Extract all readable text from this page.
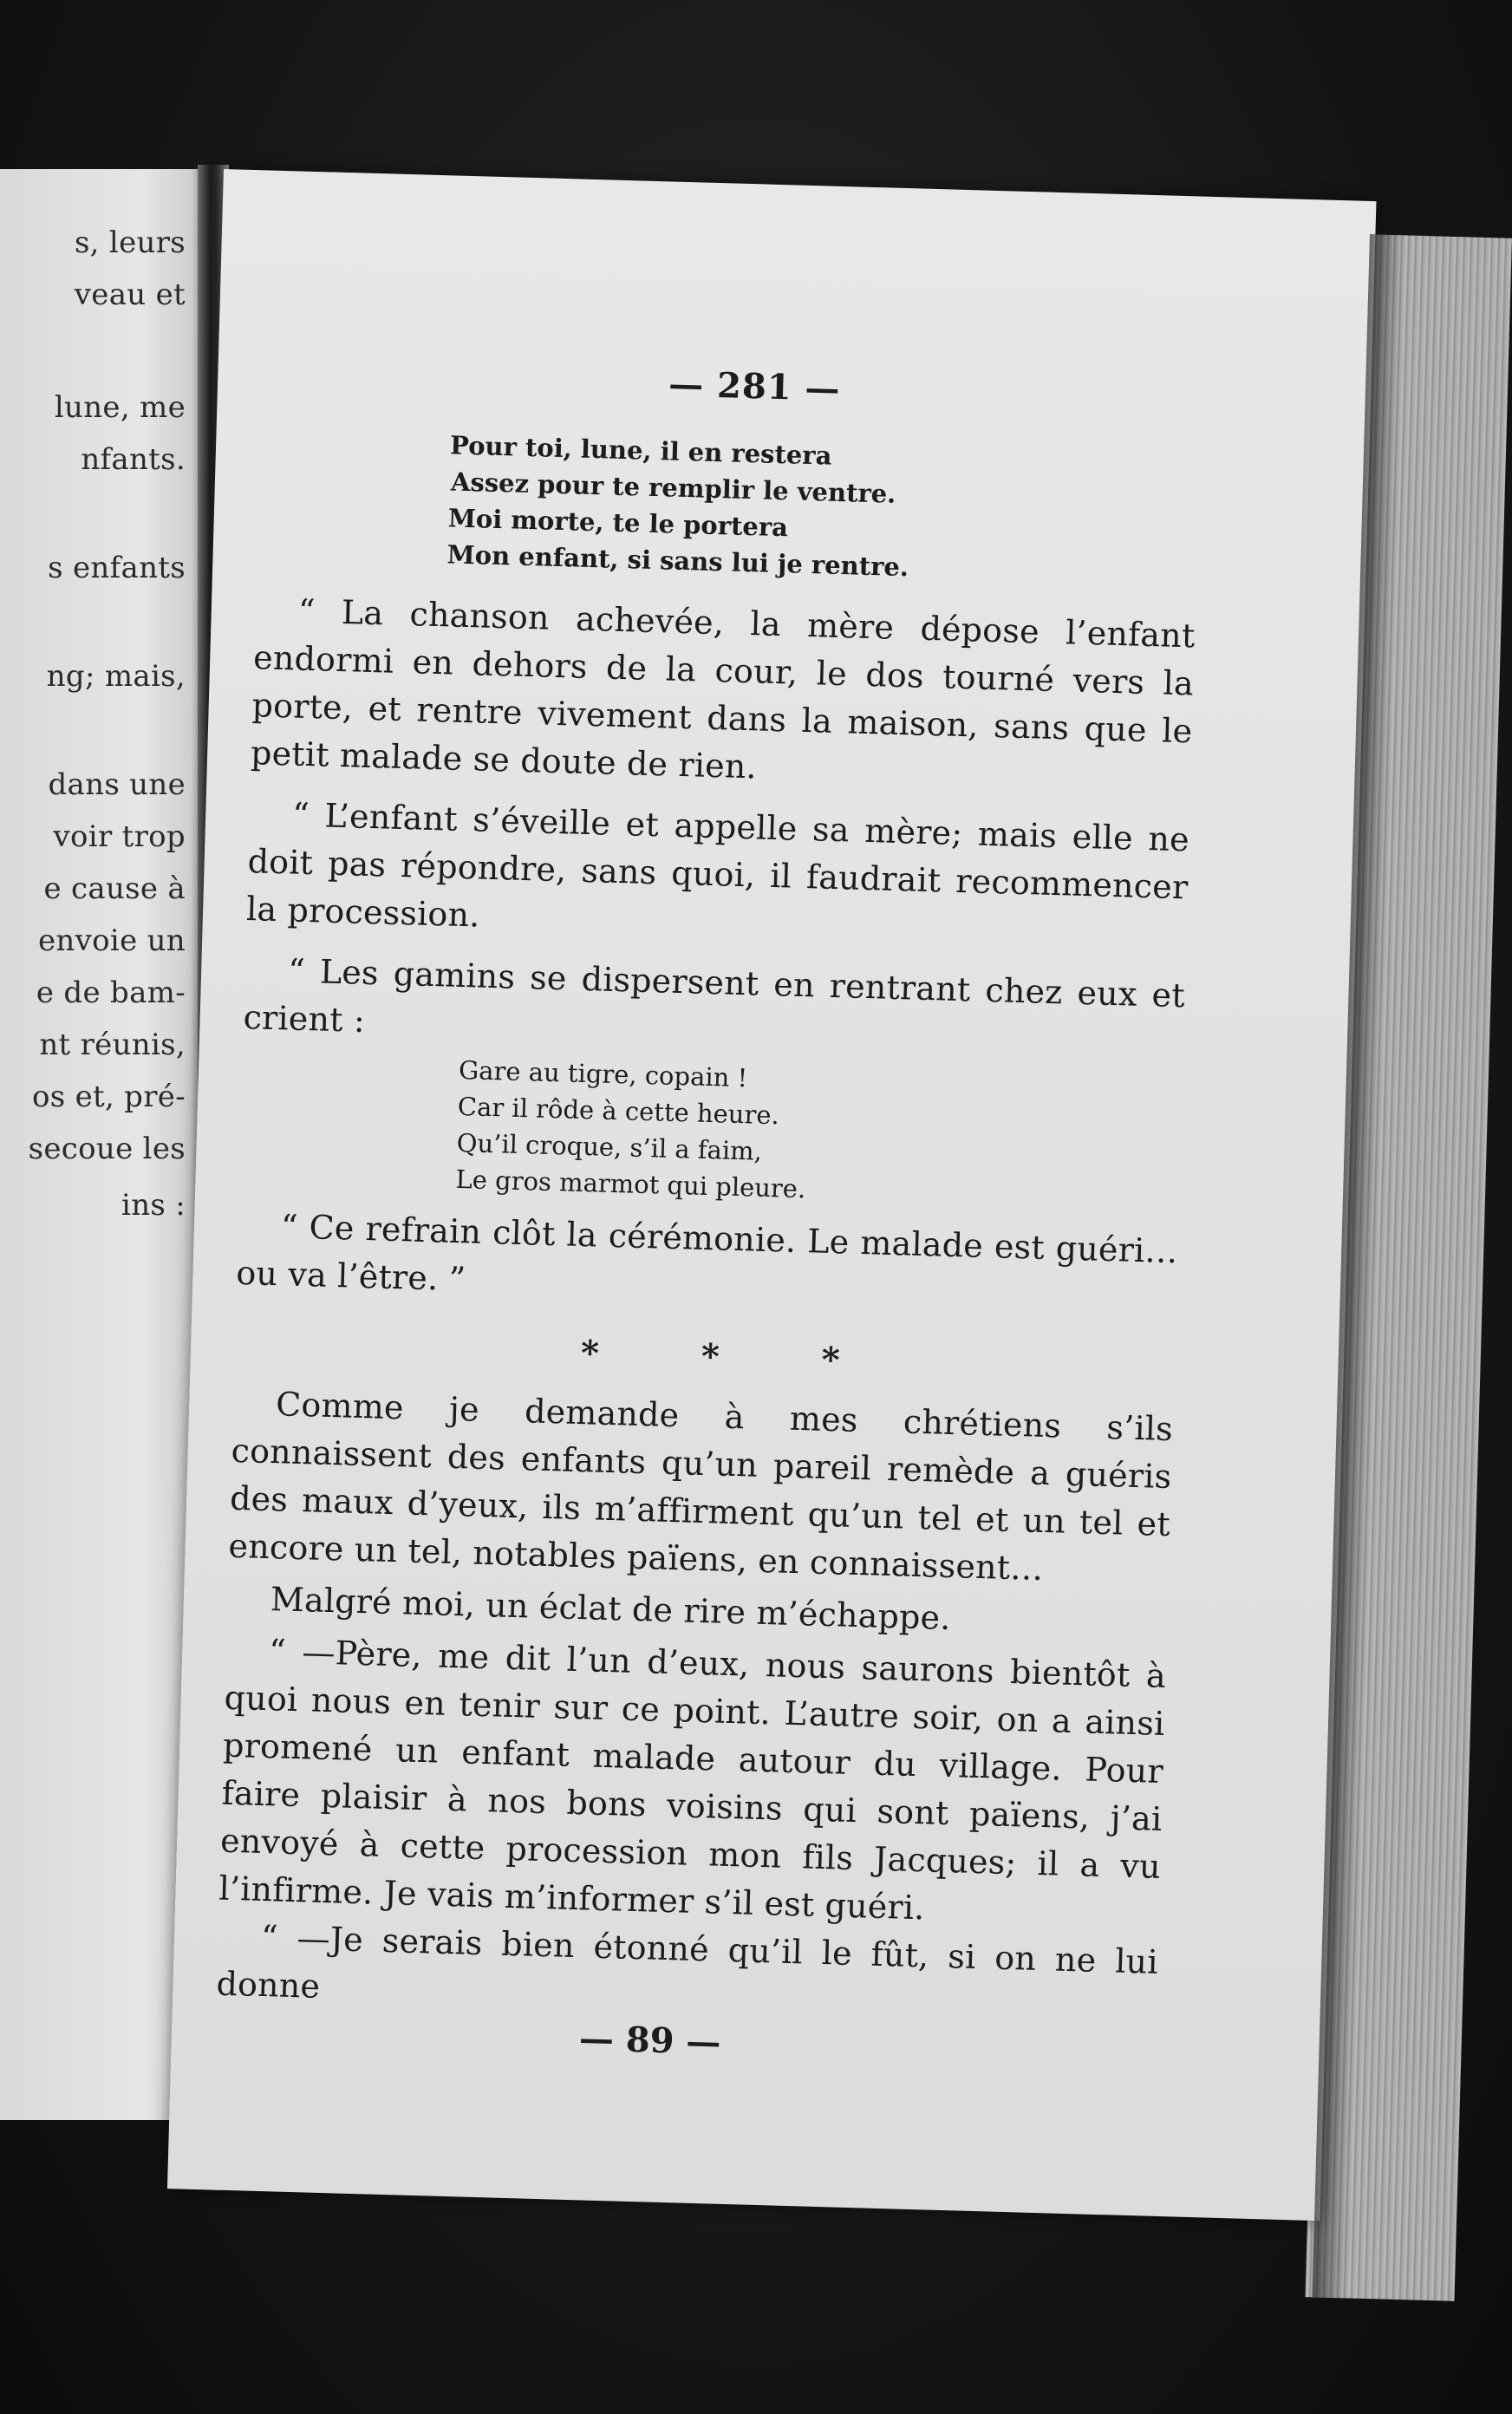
s, leurs
veau et
lune, me
nfants.
s enfants
ng; mais,
dans une
voir trop
e cause à
envoie un
e de bam-
nt réunis,
os et, pré-
secoue les
ins :
— 281 —
Pour toi, lune, il en restera
Assez pour te remplir le ventre.
Moi morte, te le portera
Mon enfant, si sans lui je rentre.

“ La chanson achevée, la mère dépose l’enfant endormi en dehors de la cour, le dos tourné vers la porte, et rentre vivement dans la maison, sans que le petit malade se doute de rien.

“ L’enfant s’éveille et appelle sa mère; mais elle ne doit pas répondre, sans quoi, il faudrait recommencer la procession.

“ Les gamins se dispersent en rentrant chez eux et crient :

Gare au tigre, copain !
Car il rôde à cette heure.
Qu’il croque, s’il a faim,
Le gros marmot qui pleure.

“ Ce refrain clôt la cérémonie. Le malade est guéri… ou va l’être. ”

* * *

Comme je demande à mes chrétiens s’ils connaissent des enfants qu’un pareil remède a guéris des maux d’yeux, ils m’affirment qu’un tel et un tel et encore un tel, notables païens, en connaissent…

Malgré moi, un éclat de rire m’échappe.

“ —Père, me dit l’un d’eux, nous saurons bientôt à quoi nous en tenir sur ce point. L’autre soir, on a ainsi promené un enfant malade autour du village. Pour faire plaisir à nos bons voisins qui sont païens, j’ai envoyé à cette procession mon fils Jacques; il a vu l’infirme. Je vais m’informer s’il est guéri.

“ —Je serais bien étonné qu’il le fût, si on ne lui donne

— 89 —
